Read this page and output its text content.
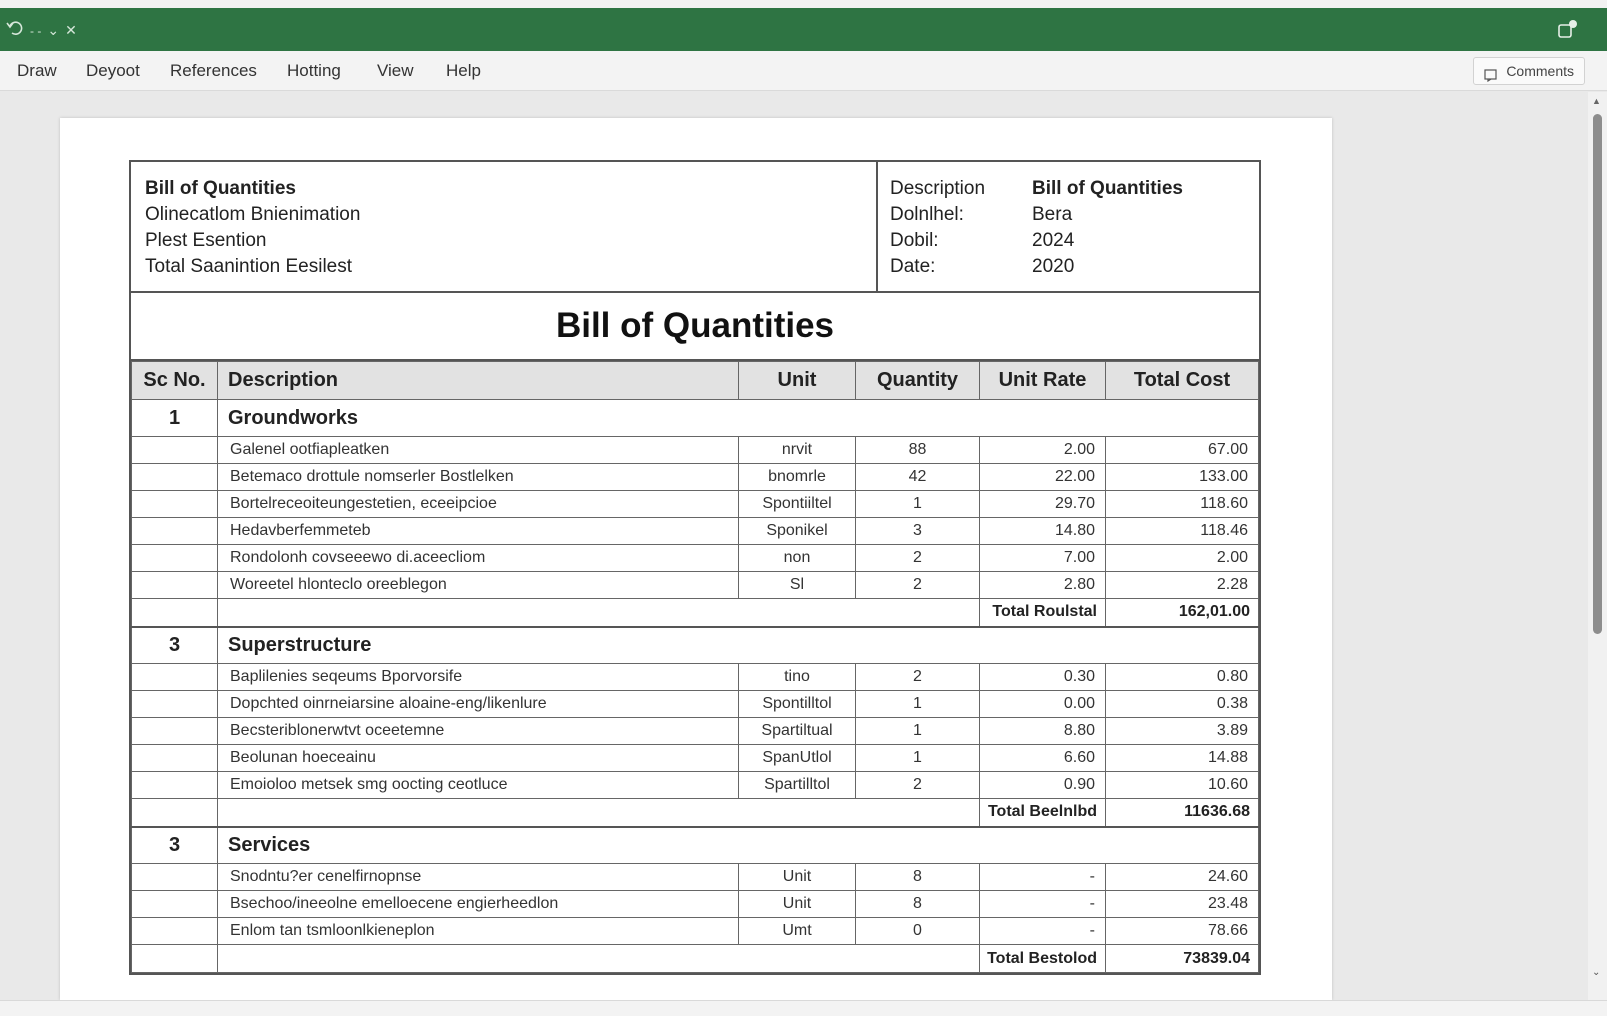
- - ⌄ ✕
Draw Deyoot References Hotting View Help	Comments
Bill of Quantities
Olinecatlom Bnienimation
Plest Esention
Total Saanintion Eesilest
Description	Bill of Quantities
Dolnlhel:	Bera
Dobil:	2024
Date:	2020
Bill of Quantities
Sc No.	Description	Unit	Quantity	Unit Rate	Total Cost
1	Groundworks				
	Galenel ootfiapleatken	nrvit	88	2.00	67.00
	Betemaco drottule nomserler Bostlelken	bnomrle	42	22.00	133.00
	Bortelreceoiteungestetien, eceeipcioe	Spontiiltel	1	29.70	118.60
	Hedavberfemmeteb	Sponikel	3	14.80	118.46
	Rondolonh covseeewo di.aceecliom	non	2	7.00	2.00
	Woreetel hlonteclo oreeblegon	Sl	2	2.80	2.28
				Total Roulstal	162,01.00
3	Superstructure				
	Baplilenies seqeums Bporvorsife	tino	2	0.30	0.80
	Dopchted oinrneiarsine aloaine-eng/likenlure	Spontilltol	1	0.00	0.38
	Becsteriblonerwtvt oceetemne	Spartiltual	1	8.80	3.89
	Beolunan hoeceainu	SpanUtlol	1	6.60	14.88
	Emoioloo metsek smg oocting ceotluce	Spartilltol	2	0.90	10.60
				Total Beelnlbd	11636.68
3	Services				
	Snodntu?er cenelfirnopnse	Unit	8	-	24.60
	Bsechoo/ineeolne emelloecene engierheedlon	Unit	8	-	23.48
	Enlom tan tsmloonlkieneplon	Umt	0	-	78.66
				Total Bestolod	73839.04
▲
⌄
